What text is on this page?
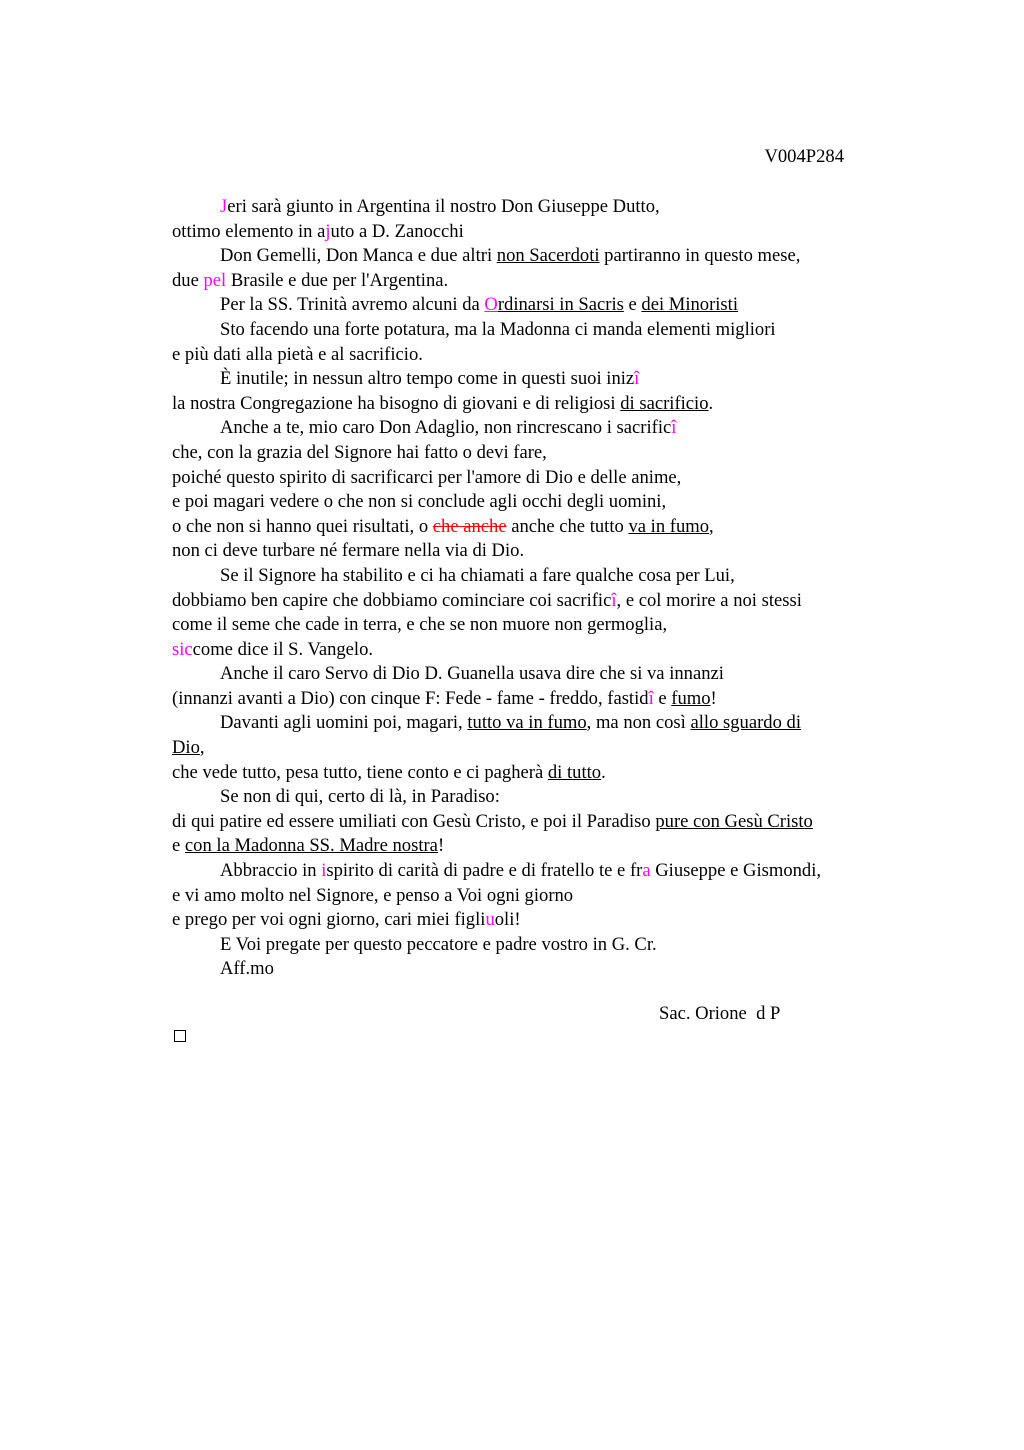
V004P284
Jeri sarà giunto in Argentina il nostro Don Giuseppe Dutto,
ottimo elemento in ajuto a D. Zanocchi
Don Gemelli, Don Manca e due altri non Sacerdoti partiranno in questo mese,
due pel Brasile e due per l'Argentina.
Per la SS. Trinità avremo alcuni da Ordinarsi in Sacris e dei Minoristi
Sto facendo una forte potatura, ma la Madonna ci manda elementi migliori
e più dati alla pietà e al sacrificio.
È inutile; in nessun altro tempo come in questi suoi inizî
la nostra Congregazione ha bisogno di giovani e di religiosi di sacrificio.
Anche a te, mio caro Don Adaglio, non rincrescano i sacrificî
che, con la grazia del Signore hai fatto o devi fare,
poiché questo spirito di sacrificarci per l'amore di Dio e delle anime,
e poi magari vedere o che non si conclude agli occhi degli uomini,
o che non si hanno quei risultati, o che anche anche che tutto va in fumo,
non ci deve turbare né fermare nella via di Dio.
Se il Signore ha stabilito e ci ha chiamati a fare qualche cosa per Lui,
dobbiamo ben capire che dobbiamo cominciare coi sacrificî, e col morire a noi stessi
come il seme che cade in terra, e che se non muore non germoglia,
siccome dice il S. Vangelo.
Anche il caro Servo di Dio D. Guanella usava dire che si va innanzi
(innanzi avanti a Dio) con cinque F: Fede - fame - freddo, fastidî e fumo!
Davanti agli uomini poi, magari, tutto va in fumo, ma non così allo sguardo di
Dio,
che vede tutto, pesa tutto, tiene conto e ci pagherà di tutto.
Se non di qui, certo di là, in Paradiso:
di qui patire ed essere umiliati con Gesù Cristo, e poi il Paradiso pure con Gesù Cristo
e con la Madonna SS. Madre nostra!
Abbraccio in ispirito di carità di padre e di fratello te e fra Giuseppe e Gismondi,
e vi amo molto nel Signore, e penso a Voi ogni giorno
e prego per voi ogni giorno, cari miei figliuoli!
E Voi pregate per questo peccatore e padre vostro in G. Cr.
Aff.mo
Sac. Orione  d P
